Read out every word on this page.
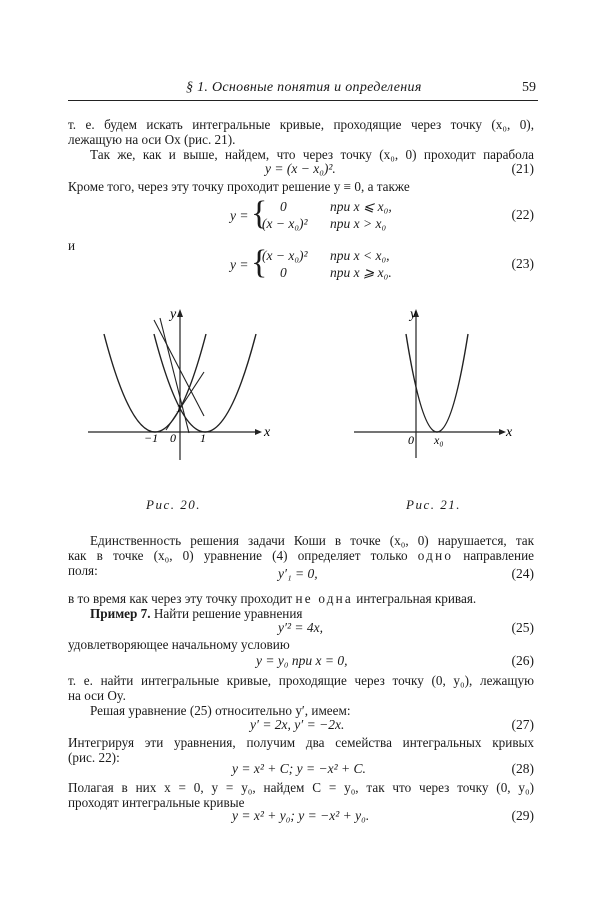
§ 1. Основные понятия и определения	59
т. е. будем искать интегральные кривые, проходящие через точку (x₀, 0),
лежащую на оси Ox (рис. 21).
Так же, как и выше, найдем, что через точку (x₀, 0) проходит парабола
y = (x − x₀)².	(21)
Кроме того, через эту точку проходит решение y ≡ 0, а также
y = { 0	при x ⩽ x₀,
(x − x₀)² при x > x₀
(22)
и
y = {
(x − x₀)² при x < x₀,
0	при x ⩾ x₀.
(23)
y
x
−1 0 1
1
Рис. 20.
y
x
0 x₀
Рис. 21.
Единственность решения задачи Коши в точке (x₀, 0) нарушается, так
как в точке (x₀, 0) уравнение (4) определяет только одно направление
поля:	y′₁ = 0,	(24)
в то время как через эту точку проходит не одна интегральная кривая.
Пример 7. Найти решение уравнения
y′² = 4x,	(25)
удовлетворяющее начальному условию
y = y₀ при x = 0,	(26)
т. е. найти интегральные кривые, проходящие через точку (0, y₀), лежащую
на оси Oy.
Решая уравнение (25) относительно y′, имеем:
y′ = 2x, y′ = −2x.	(27)
Интегрируя эти уравнения, получим два семейства интегральных кривых
(рис. 22):
y = x² + C; y = −x² + C.	(28)
Полагая в них x = 0, y = y₀, найдем C = y₀, так что через точку (0, y₀)
проходят интегральные кривые
y = x² + y₀; y = −x² + y₀.	(29)
